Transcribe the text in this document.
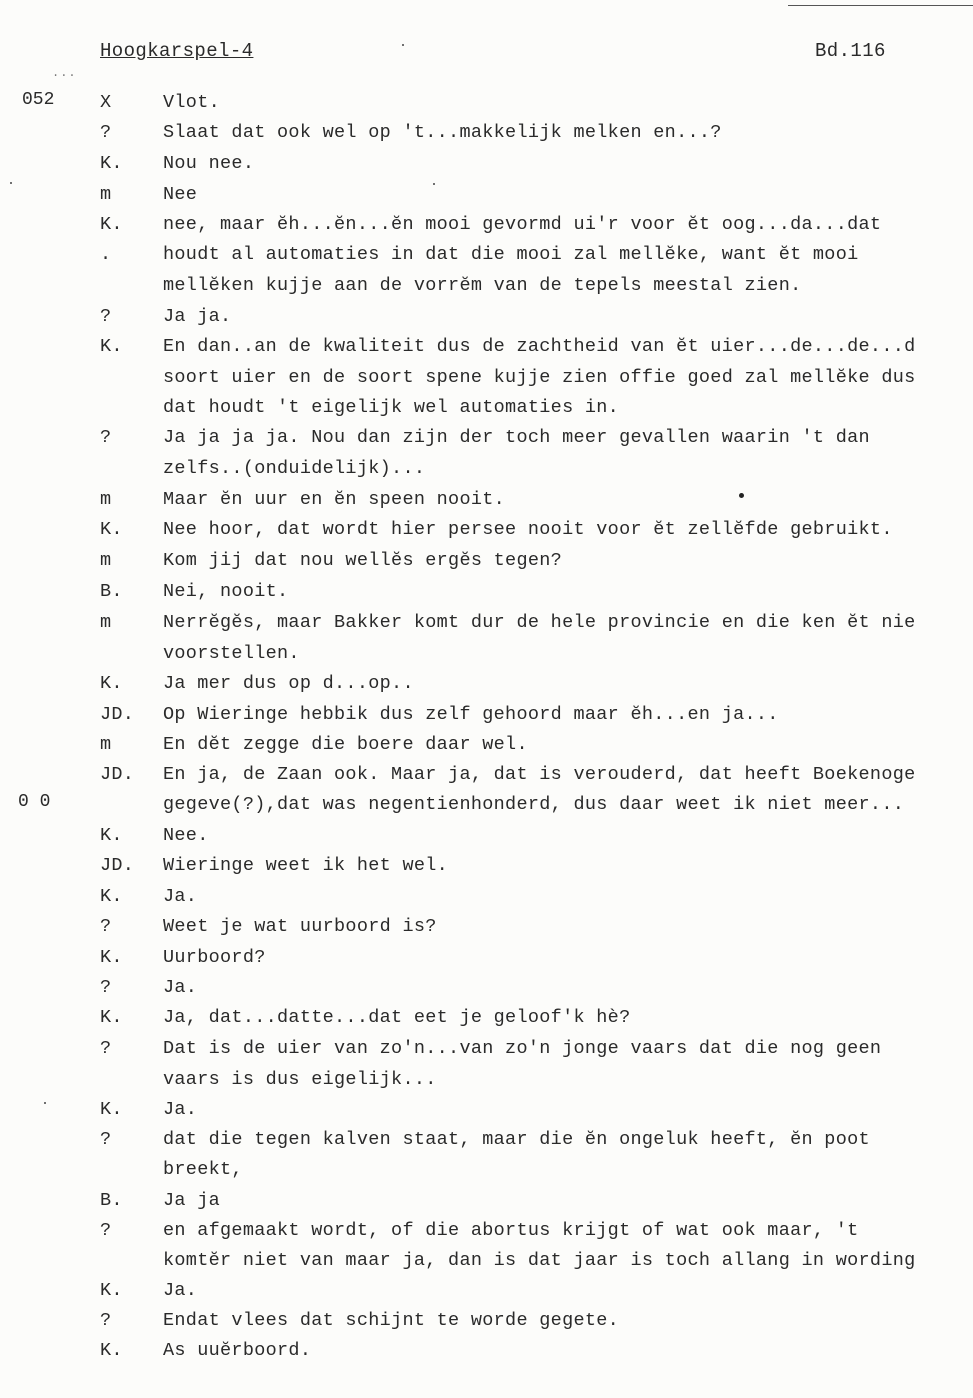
Hoogkarspel-4	Bd.116
...
052
0 0
X	Vlot.
?	Slaat dat ook wel op 't...makkelijk melken en...?
K. Nou nee.
m	Nee
K. nee, maar ĕh...ĕn...ĕn mooi gevormd ui'r voor ĕt oog...da...dat
.	houdt al automaties in dat die mooi zal mellĕke, want ĕt mooi
mellĕken kujje aan de vorrĕm van de tepels meestal zien.
?	Ja ja.
K. En dan..an de kwaliteit dus de zachtheid van ĕt uier...de...de...d
soort uier en de soort spene kujje zien offie goed zal mellĕke dus
dat houdt 't eigelijk wel automaties in.
?	Ja ja ja ja. Nou dan zijn der toch meer gevallen waarin 't dan
zelfs..(onduidelijk)...
m	Maar ĕn uur en ĕn speen nooit.
K. Nee hoor, dat wordt hier persee nooit voor ĕt zellĕfde gebruikt.
m	Kom jij dat nou wellĕs ergĕs tegen?
B. Nei, nooit.
m	Nerrĕgĕs, maar Bakker komt dur de hele provincie en die ken ĕt nie
voorstellen.
K. Ja mer dus op d...op..
JD. Op Wieringe hebbik dus zelf gehoord maar ĕh...en ja...
m	En dĕt zegge die boere daar wel.
JD. En ja, de Zaan ook. Maar ja, dat is verouderd, dat heeft Boekenoge
gegeve(?),dat was negentienhonderd, dus daar weet ik niet meer...
K. Nee.
JD. Wieringe weet ik het wel.
K. Ja.
?	Weet je wat uurboord is?
K. Uurboord?
?	Ja.
K. Ja, dat...datte...dat eet je geloof'k hè?
?	Dat is de uier van zo'n...van zo'n jonge vaars dat die nog geen
vaars is dus eigelijk...
K. Ja.
?	dat die tegen kalven staat, maar die ĕn ongeluk heeft, ĕn poot
breekt,
B. Ja ja
?	en afgemaakt wordt, of die abortus krijgt of wat ook maar, 't
komtĕr niet van maar ja, dan is dat jaar is toch allang in wording
K. Ja.
?	Endat vlees dat schijnt te worde gegete.
K. As uuĕrboord.
